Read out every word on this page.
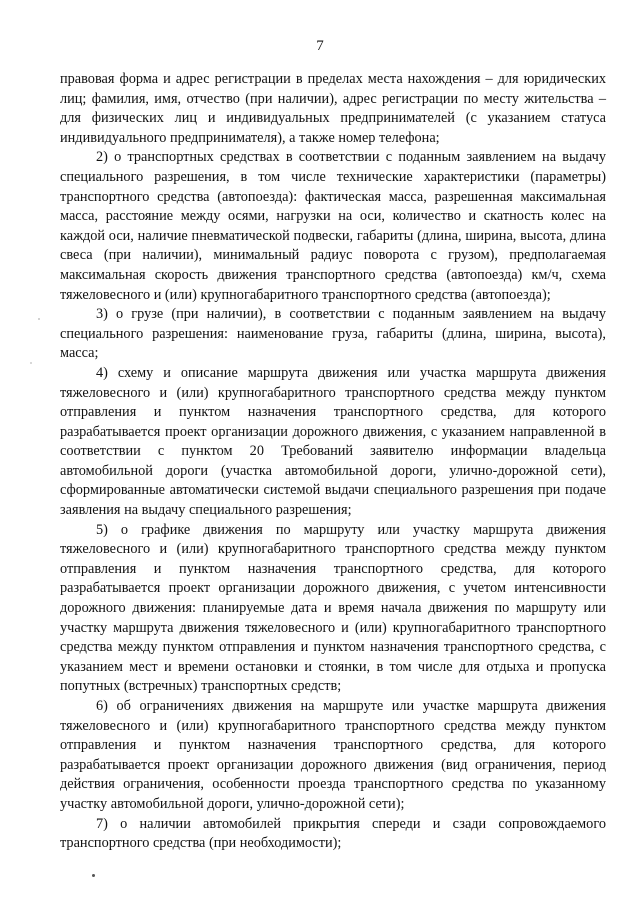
7

правовая форма и адрес регистрации в пределах места нахождения – для юридических лиц; фамилия, имя, отчество (при наличии), адрес регистрации по месту жительства – для физических лиц и индивидуальных предпринимателей (с указанием статуса индивидуального предпринимателя), а также номер телефона;

2) о транспортных средствах в соответствии с поданным заявлением на выдачу специального разрешения, в том числе технические характеристики (параметры) транспортного средства (автопоезда): фактическая масса, разрешенная максимальная масса, расстояние между осями, нагрузки на оси, количество и скатность колес на каждой оси, наличие пневматической подвески, габариты (длина, ширина, высота, длина свеса (при наличии), минимальный радиус поворота с грузом), предполагаемая максимальная скорость движения транспортного средства (автопоезда) км/ч, схема тяжеловесного и (или) крупногабаритного транспортного средства (автопоезда);

3) о грузе (при наличии), в соответствии с поданным заявлением на выдачу специального разрешения: наименование груза, габариты (длина, ширина, высота), масса;

4) схему и описание маршрута движения или участка маршрута движения тяжеловесного и (или) крупногабаритного транспортного средства между пунктом отправления и пунктом назначения транспортного средства, для которого разрабатывается проект организации дорожного движения, с указанием направленной в соответствии с пунктом 20 Требований заявителю информации владельца автомобильной дороги (участка автомобильной дороги, улично-дорожной сети), сформированные автоматически системой выдачи специального разрешения при подаче заявления на выдачу специального разрешения;

5) о графике движения по маршруту или участку маршрута движения тяжеловесного и (или) крупногабаритного транспортного средства между пунктом отправления и пунктом назначения транспортного средства, для которого разрабатывается проект организации дорожного движения, с учетом интенсивности дорожного движения: планируемые дата и время начала движения по маршруту или участку маршрута движения тяжеловесного и (или) крупногабаритного транспортного средства между пунктом отправления и пунктом назначения транспортного средства, с указанием мест и времени остановки и стоянки, в том числе для отдыха и пропуска попутных (встречных) транспортных средств;

6) об ограничениях движения на маршруте или участке маршрута движения тяжеловесного и (или) крупногабаритного транспортного средства между пунктом отправления и пунктом назначения транспортного средства, для которого разрабатывается проект организации дорожного движения (вид ограничения, период действия ограничения, особенности проезда транспортного средства по указанному участку автомобильной дороги, улично-дорожной сети);

7) о наличии автомобилей прикрытия спереди и сзади сопровождаемого транспортного средства (при необходимости);
